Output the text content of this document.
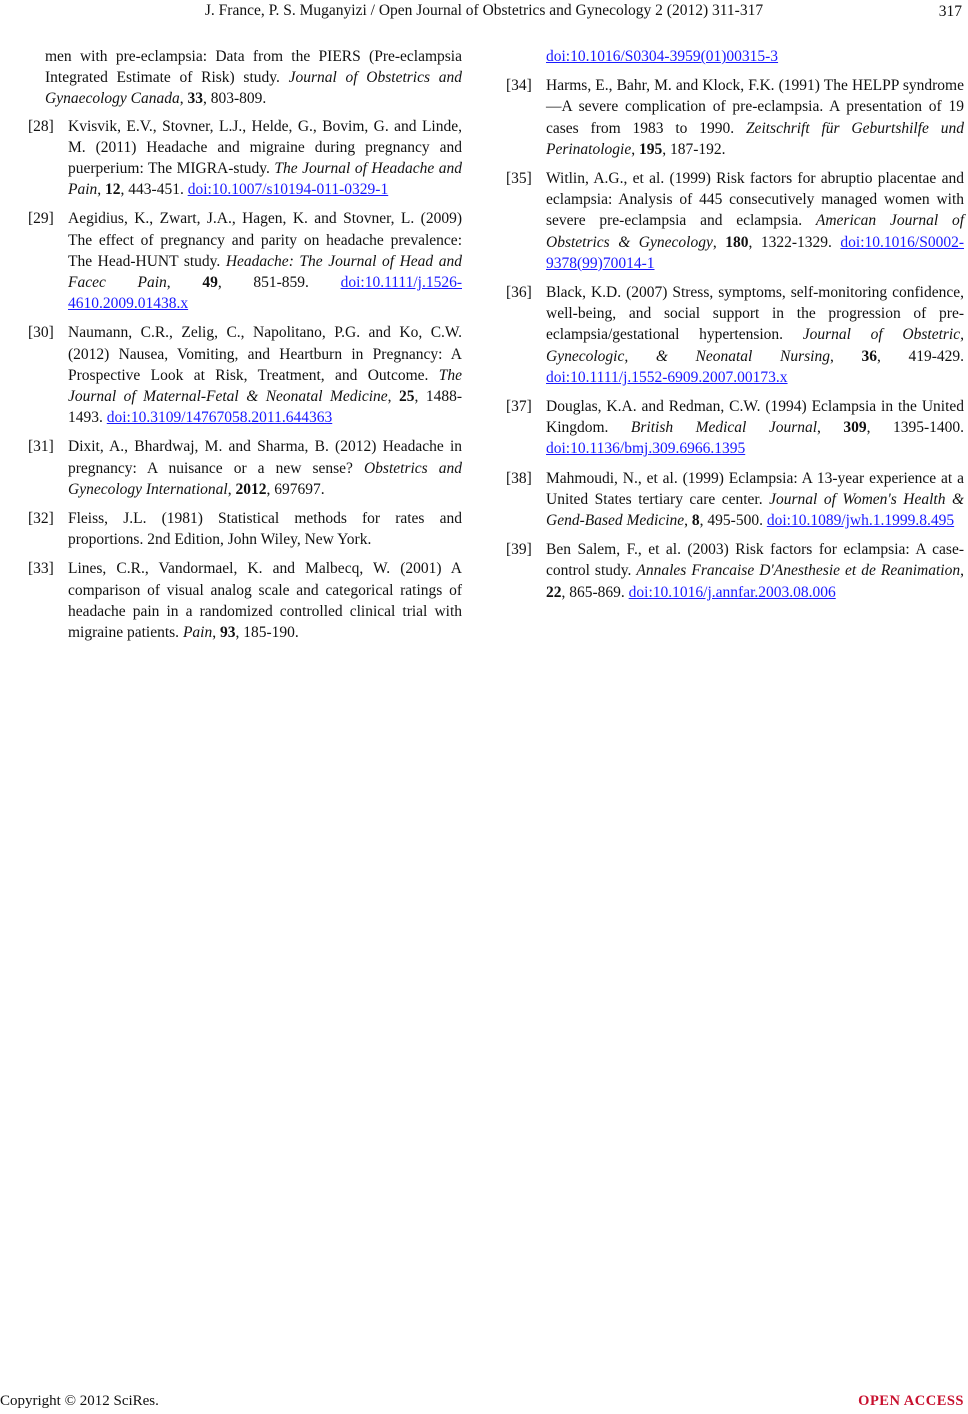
J. France, P. S. Muganyizi / Open Journal of Obstetrics and Gynecology 2 (2012) 311-317	317
men with pre-eclampsia: Data from the PIERS (Pre-eclampsia Integrated Estimate of Risk) study. Journal of Obstetrics and Gynaecology Canada, 33, 803-809.
[28] Kvisvik, E.V., Stovner, L.J., Helde, G., Bovim, G. and Linde, M. (2011) Headache and migraine during pregnancy and puerperium: The MIGRA-study. The Journal of Headache and Pain, 12, 443-451. doi:10.1007/s10194-011-0329-1
[29] Aegidius, K., Zwart, J.A., Hagen, K. and Stovner, L. (2009) The effect of pregnancy and parity on headache prevalence: The Head-HUNT study. Headache: The Journal of Head and Facec Pain, 49, 851-859. doi:10.1111/j.1526-4610.2009.01438.x
[30] Naumann, C.R., Zelig, C., Napolitano, P.G. and Ko, C.W. (2012) Nausea, Vomiting, and Heartburn in Pregnancy: A Prospective Look at Risk, Treatment, and Outcome. The Journal of Maternal-Fetal & Neonatal Medicine, 25, 1488-1493. doi:10.3109/14767058.2011.644363
[31] Dixit, A., Bhardwaj, M. and Sharma, B. (2012) Headache in pregnancy: A nuisance or a new sense? Obstetrics and Gynecology International, 2012, 697697.
[32] Fleiss, J.L. (1981) Statistical methods for rates and proportions. 2nd Edition, John Wiley, New York.
[33] Lines, C.R., Vandormael, K. and Malbecq, W. (2001) A comparison of visual analog scale and categorical ratings of headache pain in a randomized controlled clinical trial with migraine patients. Pain, 93, 185-190.
doi:10.1016/S0304-3959(01)00315-3
[34] Harms, E., Bahr, M. and Klock, F.K. (1991) The HELPP syndrome—A severe complication of pre-eclampsia. A presentation of 19 cases from 1983 to 1990. Zeitschrift für Geburtshilfe und Perinatologie, 195, 187-192.
[35] Witlin, A.G., et al. (1999) Risk factors for abruptio placentae and eclampsia: Analysis of 445 consecutively managed women with severe pre-eclampsia and eclampsia. American Journal of Obstetrics & Gynecology, 180, 1322-1329. doi:10.1016/S0002-9378(99)70014-1
[36] Black, K.D. (2007) Stress, symptoms, self-monitoring confidence, well-being, and social support in the progression of pre-eclampsia/gestational hypertension. Journal of Obstetric, Gynecologic, & Neonatal Nursing, 36, 419-429. doi:10.1111/j.1552-6909.2007.00173.x
[37] Douglas, K.A. and Redman, C.W. (1994) Eclampsia in the United Kingdom. British Medical Journal, 309, 1395-1400. doi:10.1136/bmj.309.6966.1395
[38] Mahmoudi, N., et al. (1999) Eclampsia: A 13-year experience at a United States tertiary care center. Journal of Women's Health & Gend-Based Medicine, 8, 495-500. doi:10.1089/jwh.1.1999.8.495
[39] Ben Salem, F., et al. (2003) Risk factors for eclampsia: A case-control study. Annales Francaise D'Anesthesie et de Reanimation, 22, 865-869. doi:10.1016/j.annfar.2003.08.006
Copyright © 2012 SciRes.	OPEN ACCESS
